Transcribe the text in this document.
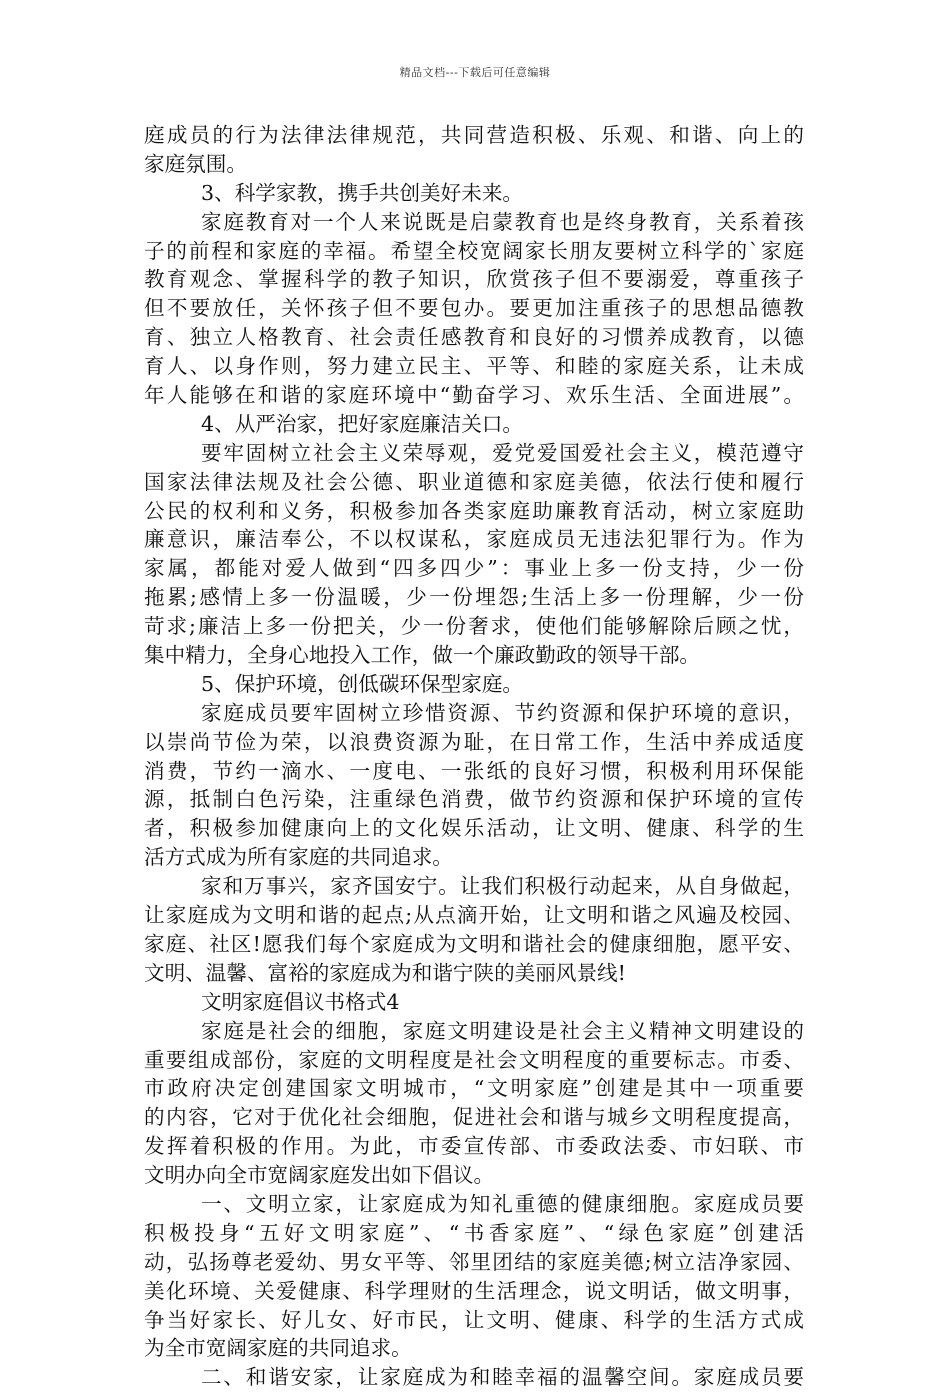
精品文档---下载后可任意编辑
庭成员的行为法律法律规范，共同营造积极、乐观、和谐、向上的
家庭氛围。
3、科学家教，携手共创美好未来。
家庭教育对一个人来说既是启蒙教育也是终身教育，关系着孩
子的前程和家庭的幸福。希望全校宽阔家长朋友要树立科学的`家庭
教育观念、掌握科学的教子知识，欣赏孩子但不要溺爱，尊重孩子
但不要放任，关怀孩子但不要包办。要更加注重孩子的思想品德教
育、独立人格教育、社会责任感教育和良好的习惯养成教育，以德
育人、以身作则，努力建立民主、平等、和睦的家庭关系，让未成
年人能够在和谐的家庭环境中“勤奋学习、欢乐生活、全面进展”。
4、从严治家，把好家庭廉洁关口。
要牢固树立社会主义荣辱观，爱党爱国爱社会主义，模范遵守
国家法律法规及社会公德、职业道德和家庭美德，依法行使和履行
公民的权利和义务，积极参加各类家庭助廉教育活动，树立家庭助
廉意识，廉洁奉公，不以权谋私，家庭成员无违法犯罪行为。作为
家属，都能对爱人做到“四多四少”：事业上多一份支持，少一份
拖累;感情上多一份温暖，少一份埋怨;生活上多一份理解，少一份
苛求;廉洁上多一份把关，少一份奢求，使他们能够解除后顾之忧，
集中精力，全身心地投入工作，做一个廉政勤政的领导干部。
5、保护环境，创低碳环保型家庭。
家庭成员要牢固树立珍惜资源、节约资源和保护环境的意识，
以崇尚节俭为荣，以浪费资源为耻，在日常工作，生活中养成适度
消费，节约一滴水、一度电、一张纸的良好习惯，积极利用环保能
源，抵制白色污染，注重绿色消费，做节约资源和保护环境的宣传
者，积极参加健康向上的文化娱乐活动，让文明、健康、科学的生
活方式成为所有家庭的共同追求。
家和万事兴，家齐国安宁。让我们积极行动起来，从自身做起，
让家庭成为文明和谐的起点;从点滴开始，让文明和谐之风遍及校园、
家庭、社区!愿我们每个家庭成为文明和谐社会的健康细胞，愿平安、
文明、温馨、富裕的家庭成为和谐宁陕的美丽风景线!
文明家庭倡议书格式4
家庭是社会的细胞，家庭文明建设是社会主义精神文明建设的
重要组成部份，家庭的文明程度是社会文明程度的重要标志。市委、
市政府决定创建国家文明城市，“文明家庭”创建是其中一项重要
的内容，它对于优化社会细胞，促进社会和谐与城乡文明程度提高，
发挥着积极的作用。为此，市委宣传部、市委政法委、市妇联、市
文明办向全市宽阔家庭发出如下倡议。
一、文明立家，让家庭成为知礼重德的健康细胞。家庭成员要
积极投身“五好文明家庭”、“书香家庭”、“绿色家庭”创建活
动，弘扬尊老爱幼、男女平等、邻里团结的家庭美德;树立洁净家园、
美化环境、关爱健康、科学理财的生活理念，说文明话，做文明事，
争当好家长、好儿女、好市民，让文明、健康、科学的生活方式成
为全市宽阔家庭的共同追求。
二、和谐安家，让家庭成为和睦幸福的温馨空间。家庭成员要
